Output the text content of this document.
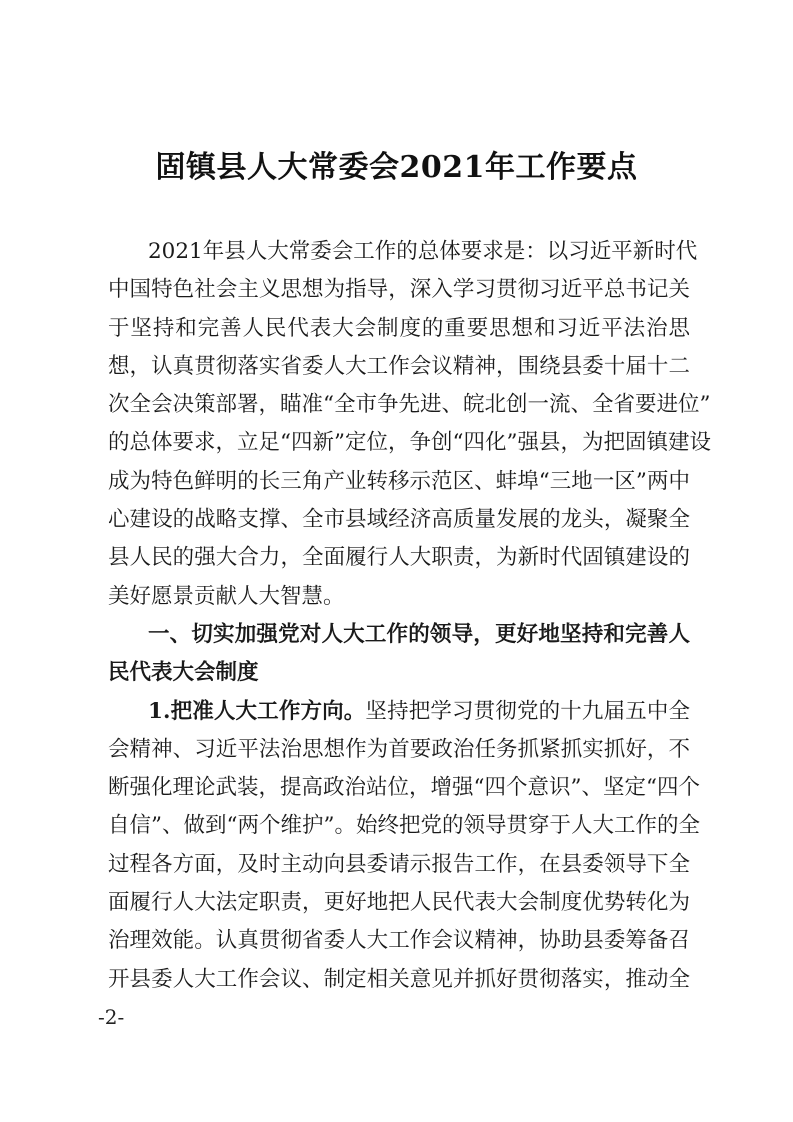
固镇县人大常委会2021年工作要点
2021年县人大常委会工作的总体要求是：以习近平新时代
中国特色社会主义思想为指导，深入学习贯彻习近平总书记关
于坚持和完善人民代表大会制度的重要思想和习近平法治思
想，认真贯彻落实省委人大工作会议精神，围绕县委十届十二
次全会决策部署，瞄准“全市争先进、皖北创一流、全省要进位”
的总体要求，立足“四新”定位，争创“四化”强县，为把固镇建设
成为特色鲜明的长三角产业转移示范区、蚌埠“三地一区”两中
心建设的战略支撑、全市县域经济高质量发展的龙头，凝聚全
县人民的强大合力，全面履行人大职责，为新时代固镇建设的
美好愿景贡献人大智慧。
一、切实加强党对人大工作的领导，更好地坚持和完善人
民代表大会制度
1.把准人大工作方向。坚持把学习贯彻党的十九届五中全
会精神、习近平法治思想作为首要政治任务抓紧抓实抓好，不
断强化理论武装，提高政治站位，增强“四个意识”、坚定“四个
自信”、做到“两个维护”。始终把党的领导贯穿于人大工作的全
过程各方面，及时主动向县委请示报告工作，在县委领导下全
面履行人大法定职责，更好地把人民代表大会制度优势转化为
治理效能。认真贯彻省委人大工作会议精神，协助县委筹备召
开县委人大工作会议、制定相关意见并抓好贯彻落实，推动全
-2-
